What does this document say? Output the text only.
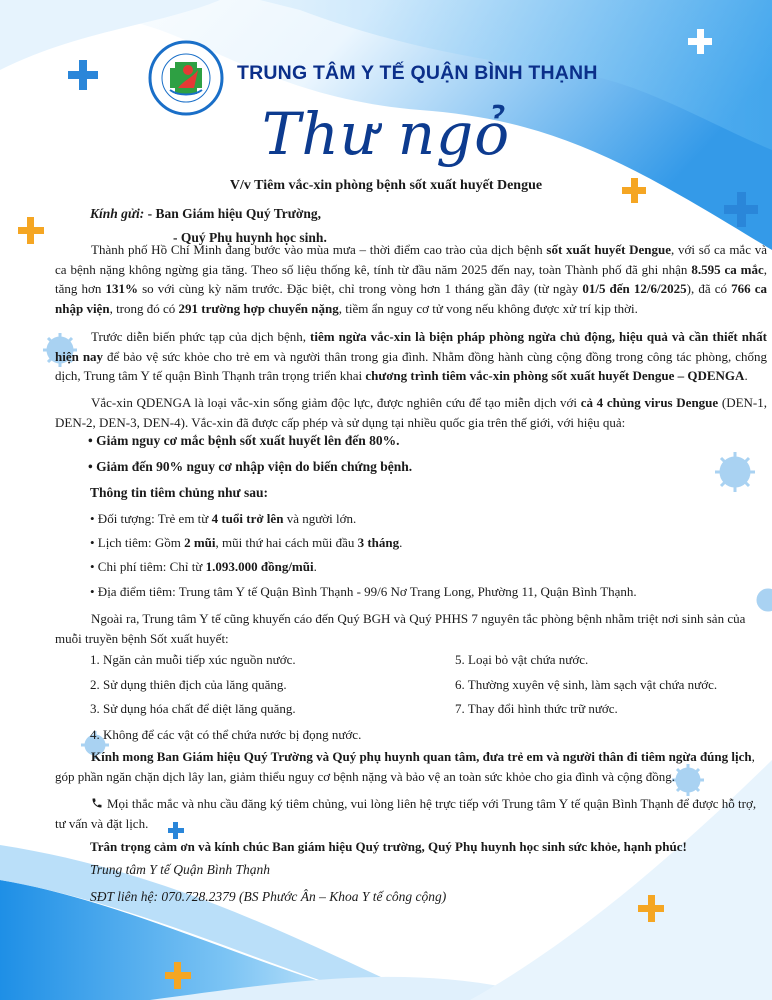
TRUNG TÂM Y TẾ QUẬN BÌNH THẠNH
Thư ngỏ
V/v Tiêm vắc-xin phòng bệnh sốt xuất huyết Dengue
Kính gửi: - Ban Giám hiệu Quý Trường,
- Quý Phụ huynh học sinh.

Thành phố Hồ Chí Minh đang bước vào mùa mưa – thời điểm cao trào của dịch bệnh sốt xuất huyết Dengue, với số ca mắc và ca bệnh nặng không ngừng gia tăng. Theo số liệu thống kê, tính từ đầu năm 2025 đến nay, toàn Thành phố đã ghi nhận 8.595 ca mắc, tăng hơn 131% so với cùng kỳ năm trước. Đặc biệt, chỉ trong vòng hơn 1 tháng gần đây (từ ngày 01/5 đến 12/6/2025), đã có 766 ca nhập viện, trong đó có 291 trường hợp chuyển nặng, tiềm ẩn nguy cơ tử vong nếu không được xử trí kịp thời.

Trước diễn biến phức tạp của dịch bệnh, tiêm ngừa vắc-xin là biện pháp phòng ngừa chủ động, hiệu quả và cần thiết nhất hiện nay để bảo vệ sức khỏe cho trẻ em và người thân trong gia đình. Nhằm đồng hành cùng cộng đồng trong công tác phòng, chống dịch, Trung tâm Y tế quận Bình Thạnh trân trọng triển khai chương trình tiêm vắc-xin phòng sốt xuất huyết Dengue – QDENGA.

Vắc-xin QDENGA là loại vắc-xin sống giảm độc lực, được nghiên cứu để tạo miễn dịch với cả 4 chủng virus Dengue (DEN-1, DEN-2, DEN-3, DEN-4). Vắc-xin đã được cấp phép và sử dụng tại nhiều quốc gia trên thế giới, với hiệu quả:

• Giảm nguy cơ mắc bệnh sốt xuất huyết lên đến 80%.
• Giảm đến 90% nguy cơ nhập viện do biến chứng bệnh.
Thông tin tiêm chủng như sau:
• Đối tượng: Trẻ em từ 4 tuổi trở lên và người lớn.
• Lịch tiêm: Gồm 2 mũi, mũi thứ hai cách mũi đầu 3 tháng.
• Chi phí tiêm: Chỉ từ 1.093.000 đồng/mũi.
• Địa điểm tiêm: Trung tâm Y tế Quận Bình Thạnh - 99/6 Nơ Trang Long, Phường 11, Quận Bình Thạnh.
Ngoài ra, Trung tâm Y tế cũng khuyến cáo đến Quý BGH và Quý PHHS 7 nguyên tắc phòng bệnh nhằm triệt nơi sinh sản của muỗi truyền bệnh Sốt xuất huyết:
1. Ngăn cản muỗi tiếp xúc nguồn nước.
2. Sử dụng thiên địch của lăng quăng.
3. Sử dụng hóa chất để diệt lăng quăng.
4. Không để các vật có thể chứa nước bị đọng nước.
5. Loại bỏ vật chứa nước.
6. Thường xuyên vệ sinh, làm sạch vật chứa nước.
7. Thay đổi hình thức trữ nước.
Kính mong Ban Giám hiệu Quý Trường và Quý phụ huynh quan tâm, đưa trẻ em và người thân đi tiêm ngừa đúng lịch, góp phần ngăn chặn dịch lây lan, giảm thiểu nguy cơ bệnh nặng và bảo vệ an toàn sức khỏe cho gia đình và cộng đồng.
Mọi thắc mắc và nhu cầu đăng ký tiêm chủng, vui lòng liên hệ trực tiếp với Trung tâm Y tế quận Bình Thạnh để được hỗ trợ, tư vấn và đặt lịch.
Trân trọng cảm ơn và kính chúc Ban giám hiệu Quý trường, Quý Phụ huynh học sinh sức khỏe, hạnh phúc!
Trung tâm Y tế Quận Bình Thạnh
SĐT liên hệ: 070.728.2379 (BS Phước Ân – Khoa Y tế công cộng)
